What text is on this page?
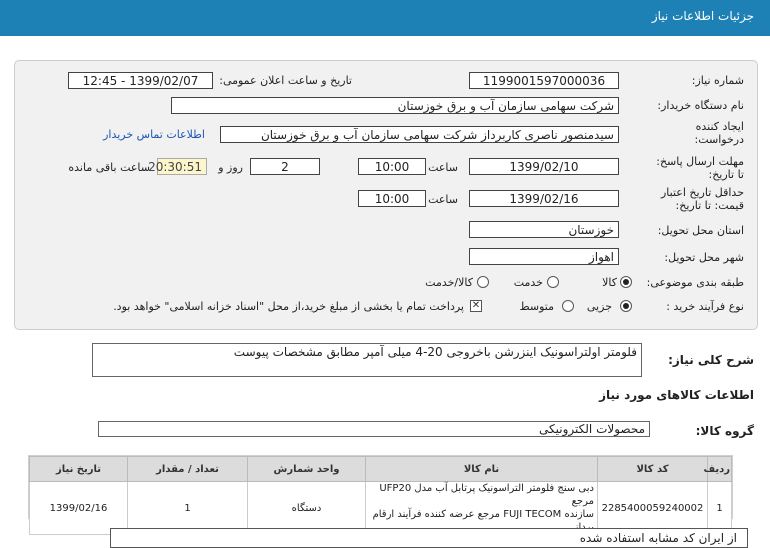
جزئیات اطلاعات نیاز
شماره نیاز:
1199001597000036
تاریخ و ساعت اعلان عمومی:
1399/02/07 - 12:45
نام دستگاه خریدار:
شرکت سهامی سازمان آب و برق خوزستان
ایجاد کننده
درخواست:
سیدمنصور ناصری کاربرداز شرکت سهامی سازمان آب و برق خوزستان
اطلاعات تماس خریدار
مهلت ارسال پاسخ:
تا تاریخ:
1399/02/10
ساعت
10:00
2
روز و
20:30:51
ساعت باقی مانده
حداقل تاریخ اعتبار
قیمت: تا تاریخ:
1399/02/16
ساعت
10:00
استان محل تحویل:
خوزستان
شهر محل تحویل:
اهواز
طبقه بندی موضوعی:
کالا
خدمت
کالا/خدمت
نوع فرآیند خرید :
جزیی
متوسط
✕
پرداخت تمام یا بخشی از مبلغ خرید،از محل "اسناد خزانه اسلامی" خواهد بود.
شرح کلی نیاز:
فلومتر اولتراسونیک اینزرشن باخروجی 20-4 میلی آمپر مطابق مشخصات پیوست
اطلاعات کالاهای مورد نیاز
گروه کالا:
محصولات الکترونیکی
ردیف	کد کالا	نام کالا	واحد شمارش	تعداد / مقدار	تاریخ نیاز
1	2285400059240002	دبی سنج فلومتر التراسونیک پرتابل آب مدل UFP20 مرجع
سازنده FUJI TECOM مرجع عرضه کننده فرآیند ارقام	دستگاه	1	1399/02/16
از ایران کد مشابه استفاده شده
